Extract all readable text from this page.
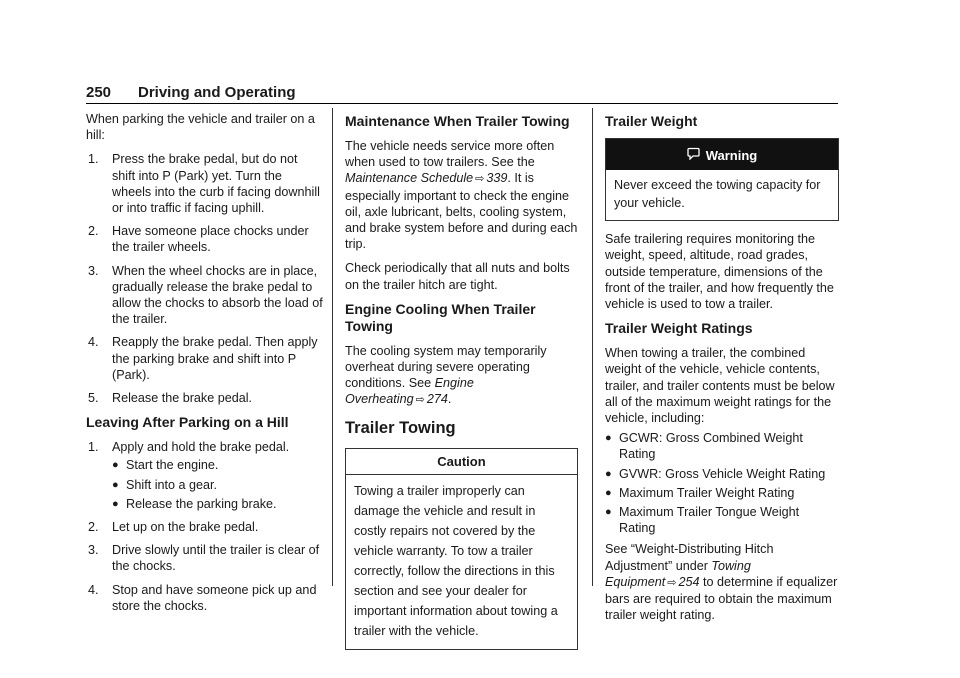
250 Driving and Operating

When parking the vehicle and trailer on a hill:

1. Press the brake pedal, but do not shift into P (Park) yet. Turn the wheels into the curb if facing downhill or into traffic if facing uphill.
2. Have someone place chocks under the trailer wheels.
3. When the wheel chocks are in place, gradually release the brake pedal to allow the chocks to absorb the load of the trailer.
4. Reapply the brake pedal. Then apply the parking brake and shift into P (Park).
5. Release the brake pedal.
Leaving After Parking on a Hill
1. Apply and hold the brake pedal.
● Start the engine.
● Shift into a gear.
● Release the parking brake.
2. Let up on the brake pedal.
3. Drive slowly until the trailer is clear of the chocks.
4. Stop and have someone pick up and store the chocks.
Maintenance When Trailer Towing

The vehicle needs service more often when used to tow trailers. See the Maintenance Schedule ⇨ 339. It is especially important to check the engine oil, axle lubricant, belts, cooling system, and brake system before and during each trip.

Check periodically that all nuts and bolts on the trailer hitch are tight.

Engine Cooling When Trailer Towing

The cooling system may temporarily overheat during severe operating conditions. See Engine Overheating ⇨ 274.

Trailer Towing
Caution
Towing a trailer improperly can damage the vehicle and result in costly repairs not covered by the vehicle warranty. To tow a trailer correctly, follow the directions in this section and see your dealer for important information about towing a trailer with the vehicle.
Trailer Weight
Warning
Never exceed the towing capacity for your vehicle.

Safe trailering requires monitoring the weight, speed, altitude, road grades, outside temperature, dimensions of the front of the trailer, and how frequently the vehicle is used to tow a trailer.

Trailer Weight Ratings

When towing a trailer, the combined weight of the vehicle, vehicle contents, trailer, and trailer contents must be below all of the maximum weight ratings for the vehicle, including:

● GCWR: Gross Combined Weight Rating
● GVWR: Gross Vehicle Weight Rating
● Maximum Trailer Weight Rating
● Maximum Trailer Tongue Weight Rating

See “Weight-Distributing Hitch Adjustment” under Towing Equipment ⇨ 254 to determine if equalizer bars are required to obtain the maximum trailer weight rating.
